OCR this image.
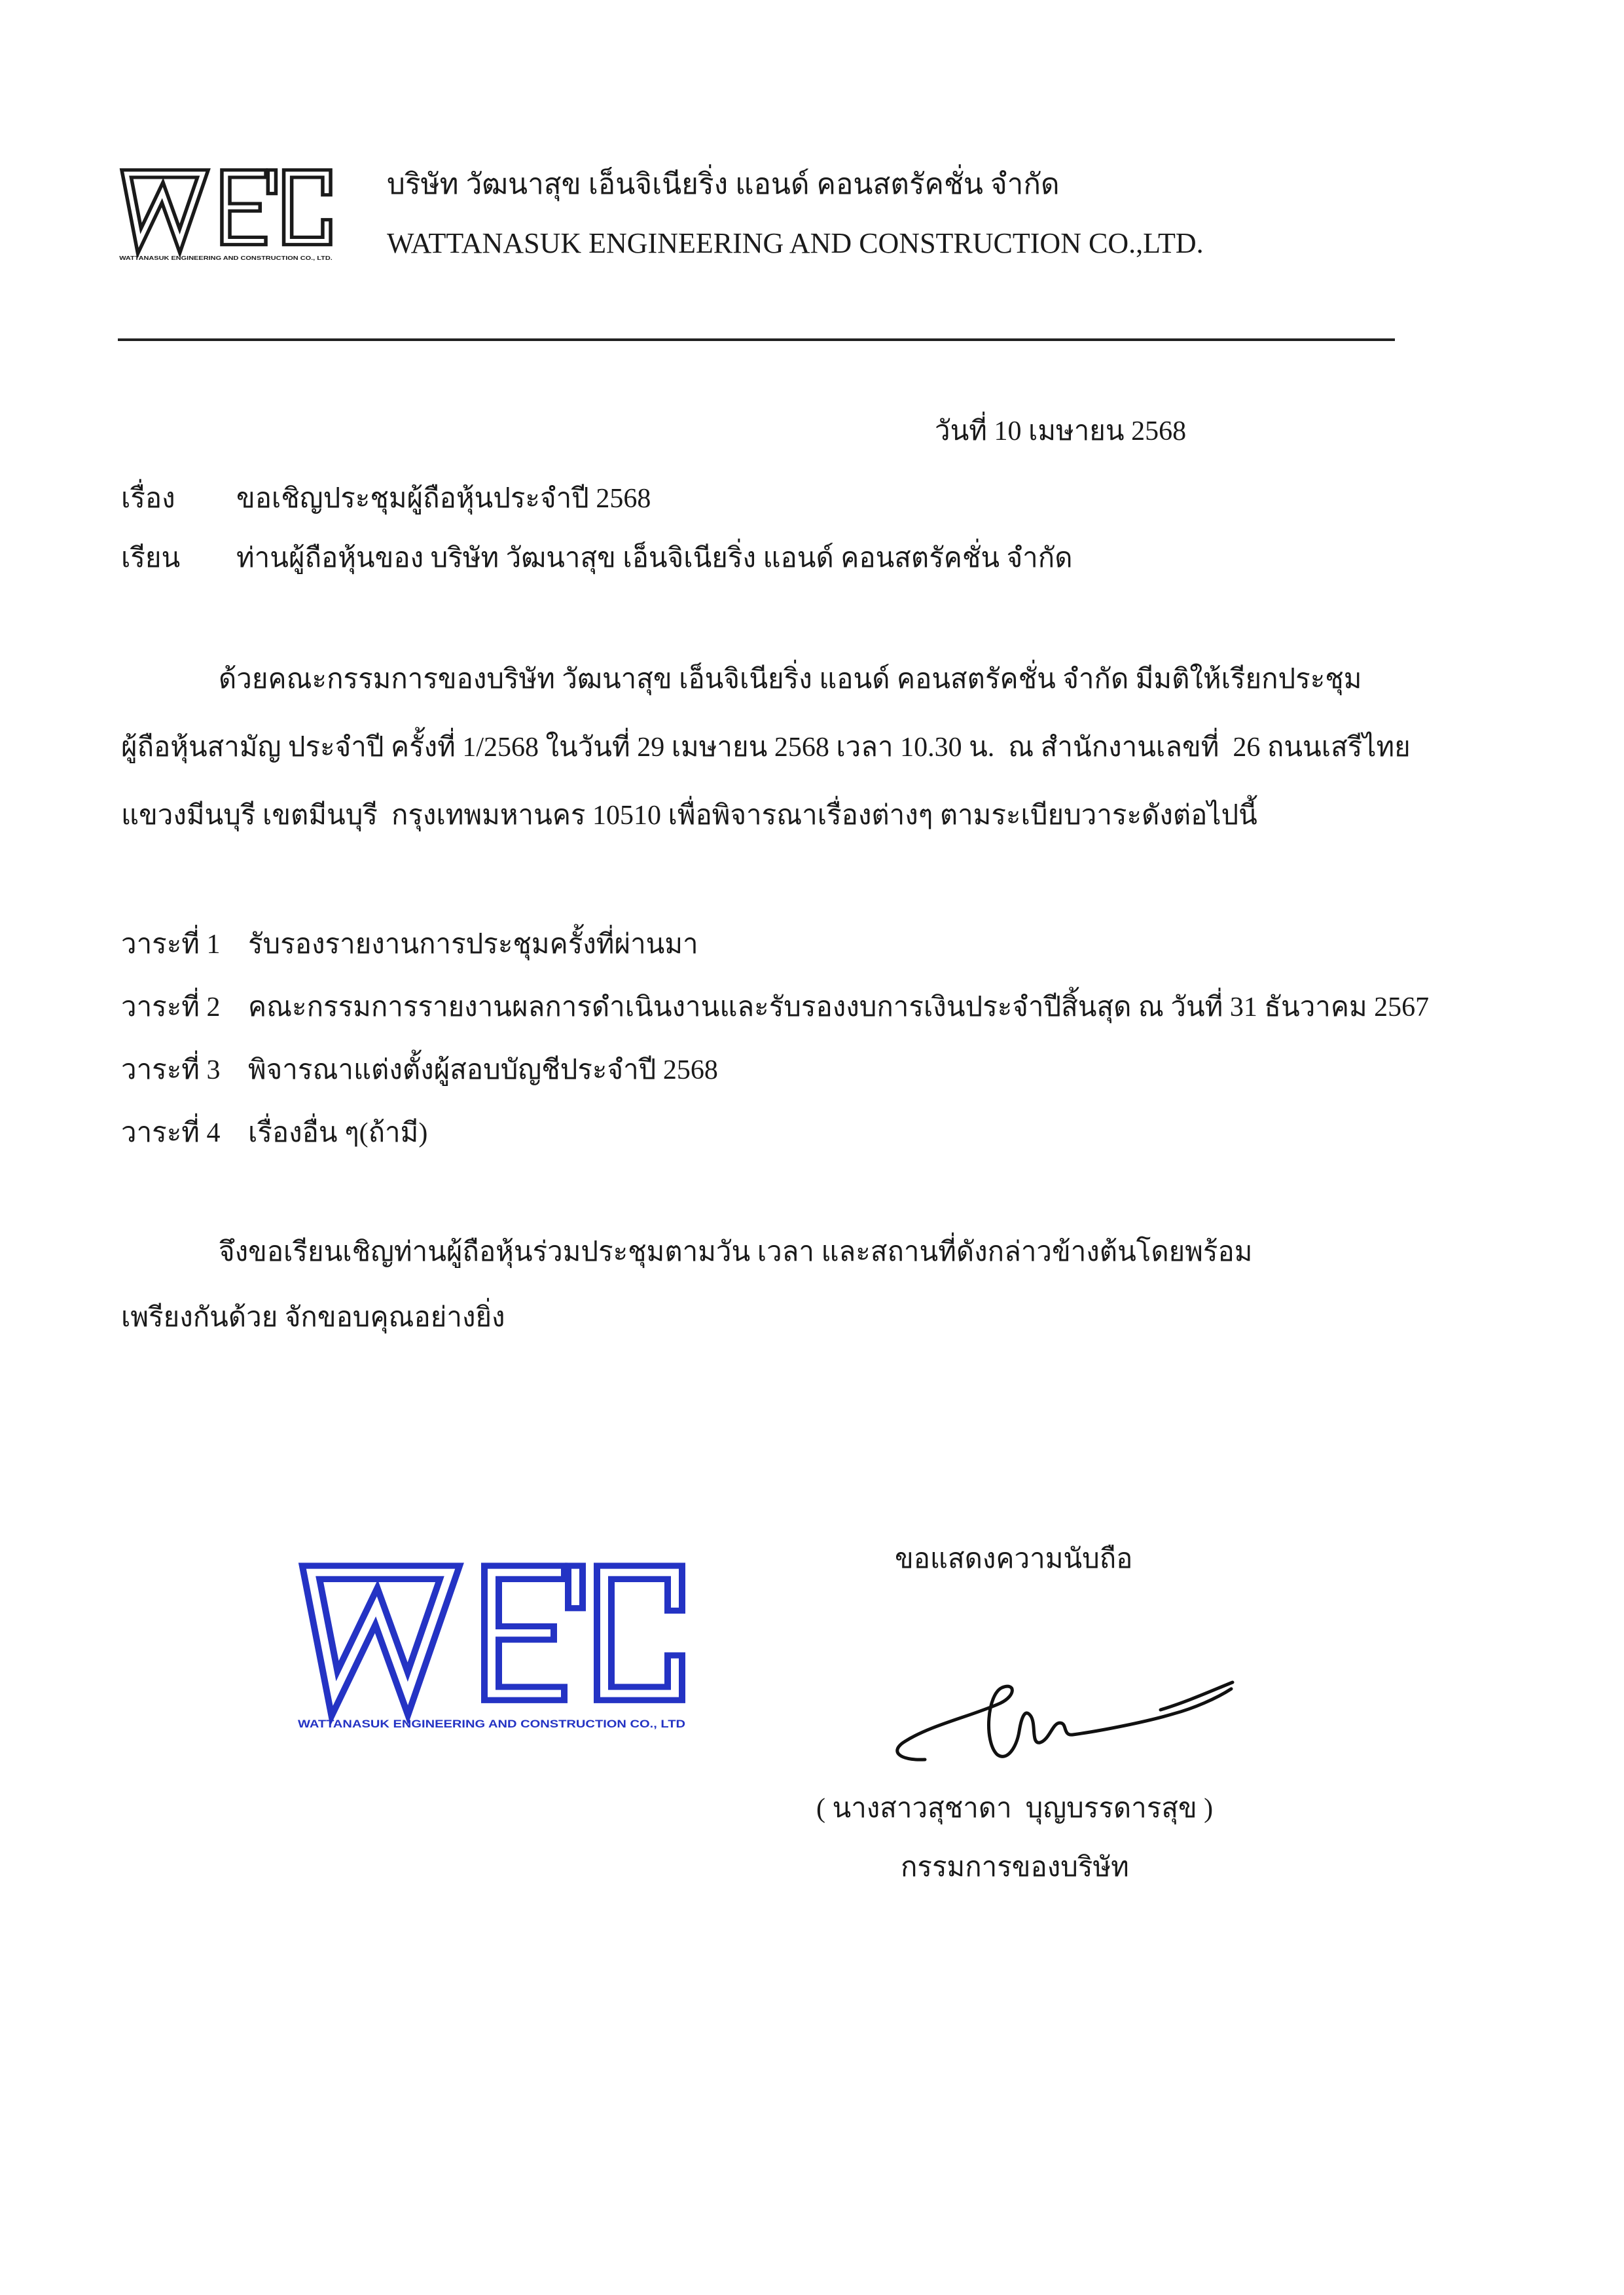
WATTANASUK ENGINEERING AND CONSTRUCTION CO., LTD.
บริษัท วัฒนาสุข เอ็นจิเนียริ่ง แอนด์ คอนสตรัคชั่น จำกัด
WATTANASUK ENGINEERING AND CONSTRUCTION CO.,LTD.
วันที่ 10 เมษายน 2568
เรื่อง	ขอเชิญประชุมผู้ถือหุ้นประจำปี 2568
เรียน	ท่านผู้ถือหุ้นของ บริษัท วัฒนาสุข เอ็นจิเนียริ่ง แอนด์ คอนสตรัคชั่น จำกัด
ด้วยคณะกรรมการของบริษัท วัฒนาสุข เอ็นจิเนียริ่ง แอนด์ คอนสตรัคชั่น จำกัด มีมติให้เรียกประชุม
ผู้ถือหุ้นสามัญ ประจำปี ครั้งที่ 1/2568 ในวันที่ 29 เมษายน 2568 เวลา 10.30 น.  ณ สำนักงานเลขที่  26 ถนนเสรีไทย
แขวงมีนบุรี เขตมีนบุรี  กรุงเทพมหานคร 10510 เพื่อพิจารณาเรื่องต่างๆ ตามระเบียบวาระดังต่อไปนี้
วาระที่ 1	รับรองรายงานการประชุมครั้งที่ผ่านมา
วาระที่ 2	คณะกรรมการรายงานผลการดำเนินงานและรับรองงบการเงินประจำปีสิ้นสุด ณ วันที่ 31 ธันวาคม 2567
วาระที่ 3	พิจารณาแต่งตั้งผู้สอบบัญชีประจำปี 2568
วาระที่ 4	เรื่องอื่น ๆ(ถ้ามี)
จึงขอเรียนเชิญท่านผู้ถือหุ้นร่วมประชุมตามวัน เวลา และสถานที่ดังกล่าวข้างต้นโดยพร้อม
เพรียงกันด้วย จักขอบคุณอย่างยิ่ง
WATTANASUK ENGINEERING AND CONSTRUCTION CO., LTD
ขอแสดงความนับถือ
( นางสาวสุชาดา  บุญบรรดารสุข )
กรรมการของบริษัท
